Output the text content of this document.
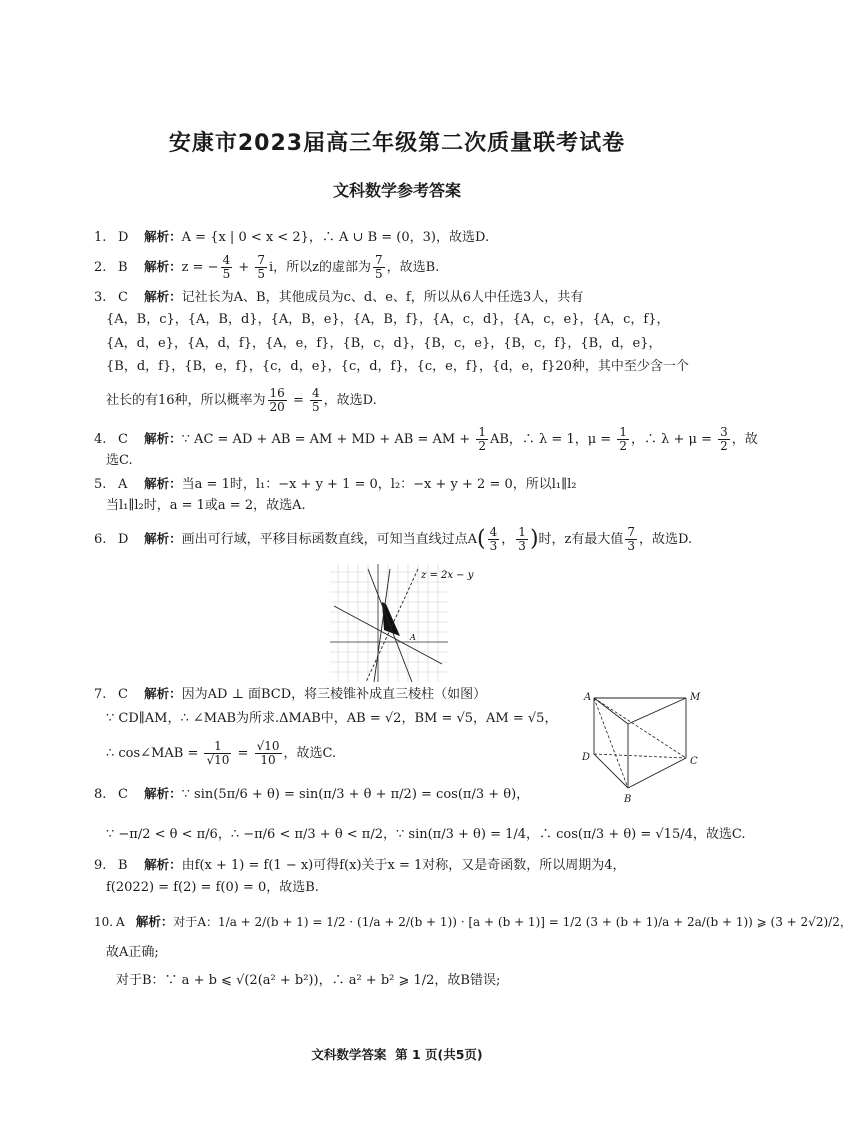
安康市2023届高三年级第二次质量联考试卷
文科数学参考答案
1. D 解析：A = {x | 0 < x < 2}，∴ A ∪ B = (0，3)，故选D.
2. B 解析：z = − $\frac{4}{5} + \frac{7}{5}$ i，所以z的虚部为 $\frac{7}{5}$ ，故选B.
3. C 解析：记社长为A、B，其他成员为c、d、e、f，所以从6人中任选3人，共有
{A，B，c}，{A，B，d}，{A，B，e}，{A，B，f}，{A，c，d}，{A，c，e}，{A，c，f}，
{A，d，e}，{A，d，f}，{A，e，f}，{B，c，d}，{B，c，e}，{B，c，f}，{B，d，e}，
{B，d，f}，{B，e，f}，{c，d，e}，{c，d，f}，{c，e，f}，{d，e，f}20种，其中至少含一个
社长的有16种，所以概率为 $\frac{16}{20} = \frac{4}{5}$ ，故选D.
4. C 解析：∵ AC = AD + AB = AM + MD + AB = AM + $\frac{1}{2}$ AB，∴ λ = 1，$\mu = \frac{1}{2}$ ，∴ $\lambda + \mu = \frac{3}{2}$ ，故
选C.
5. A 解析：当a = 1时，l₁：−x + y + 1 = 0，l₂：−x + y + 2 = 0，所以l₁∥l₂
当l₁∥l₂时，a = 1或a = 2，故选A.
6. D 解析：画出可行域，平移目标函数直线，可知当直线过点$A( \frac{4}{3}$ ， $\frac{1}{3}$ )时，z有最大值 $\frac{7}{3}$ ，故选D.
z = 2x − y
A
7. C 解析：因为AD ⊥ 面BCD，将三棱锥补成直三棱柱（如图）
∵ CD∥AM，∴ ∠MAB为所求.ΔMAB中，AB = √2，BM = √5，AM = √5，
∴ cos∠MAB = $\frac{1}{√10} = \frac{√10}{10}$ ，故选C.
A	M
D	C
B
8. C 解析：∵ sin(5π/6 + θ) = sin(π/3 + θ + π/2) = cos(π/3 + θ)，
∵ −π/2 < θ < π/6，∴ −π/6 < π/3 + θ < π/2，∵ sin(π/3 + θ) = 1/4，∴ cos(π/3 + θ) = √15/4，故选C.
9. B 解析：由f(x + 1) = f(1 − x)可得f(x)关于x = 1对称，又是奇函数，所以周期为4，
f(2022) = f(2) = f(0) = 0，故选B.
10. A 解析：对于A：1/a + 2/(b + 1) = 1/2 · (1/a + 2/(b + 1)) · [a + (b + 1)] = 1/2 (3 + (b + 1)/a + 2a/(b + 1)) ⩾ (3 + 2√2)/2，
故A正确;
对于B：∵ a + b ⩽ √(2(a² + b²))，∴ a² + b² ⩾ 1/2，故B错误;
文科数学答案 第 1 页(共5页)
